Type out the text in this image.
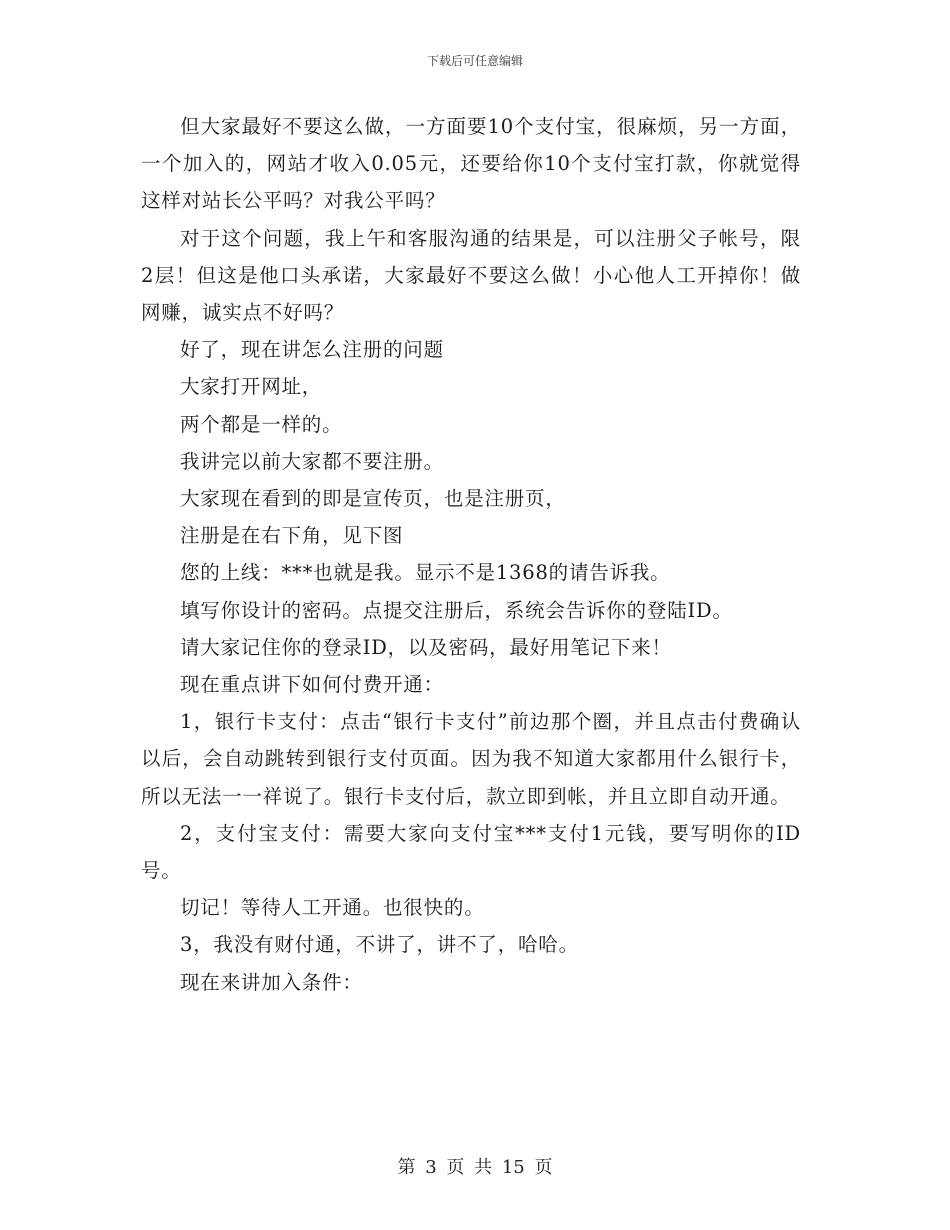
下载后可任意编辑

但大家最好不要这么做，一方面要10个支付宝，很麻烦，另一方面，一个加入的，网站才收入0.05元，还要给你10个支付宝打款，你就觉得这样对站长公平吗？对我公平吗？

对于这个问题，我上午和客服沟通的结果是，可以注册父子帐号，限2层！但这是他口头承诺，大家最好不要这么做！小心他人工开掉你！做网赚，诚实点不好吗？

好了，现在讲怎么注册的问题

大家打开网址，

两个都是一样的。

我讲完以前大家都不要注册。

大家现在看到的即是宣传页，也是注册页，

注册是在右下角，见下图

您的上线：***也就是我。显示不是1368的请告诉我。

填写你设计的密码。点提交注册后，系统会告诉你的登陆ID。

请大家记住你的登录ID，以及密码，最好用笔记下来！

现在重点讲下如何付费开通：

1，银行卡支付：点击“银行卡支付”前边那个圈，并且点击付费确认以后，会自动跳转到银行支付页面。因为我不知道大家都用什么银行卡，所以无法一一祥说了。银行卡支付后，款立即到帐，并且立即自动开通。

2，支付宝支付：需要大家向支付宝***支付1元钱，要写明你的ID号。

切记！等待人工开通。也很快的。

3，我没有财付通，不讲了，讲不了，哈哈。

现在来讲加入条件：

第 3 页 共 15 页
